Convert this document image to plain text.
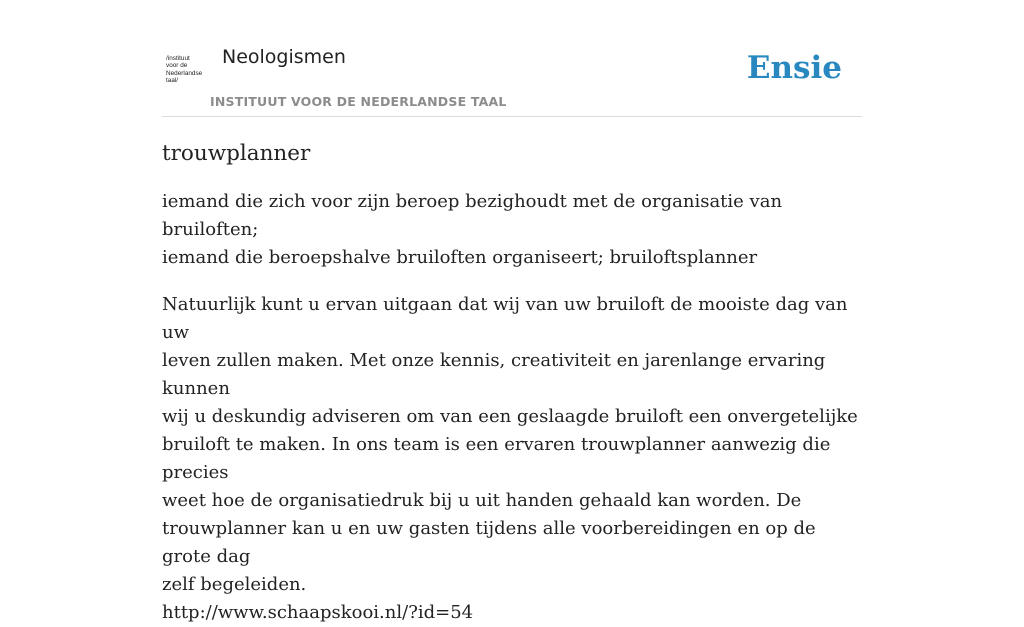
/instituut
voor de
Nederlandse
taal/
Neologismen
INSTITUUT VOOR DE NEDERLANDSE TAAL
Ensie
trouwplanner

iemand die zich voor zijn beroep bezighoudt met de organisatie van bruiloften;
iemand die beroepshalve bruiloften organiseert; bruiloftsplanner

Natuurlijk kunt u ervan uitgaan dat wij van uw bruiloft de mooiste dag van uw
leven zullen maken. Met onze kennis, creativiteit en jarenlange ervaring kunnen
wij u deskundig adviseren om van een geslaagde bruiloft een onvergetelijke
bruiloft te maken. In ons team is een ervaren trouwplanner aanwezig die precies
weet hoe de organisatiedruk bij u uit handen gehaald kan worden. De
trouwplanner kan u en uw gasten tijdens alle voorbereidingen en op de grote dag
zelf begeleiden.

http://www.schaapskooi.nl/?id=54
